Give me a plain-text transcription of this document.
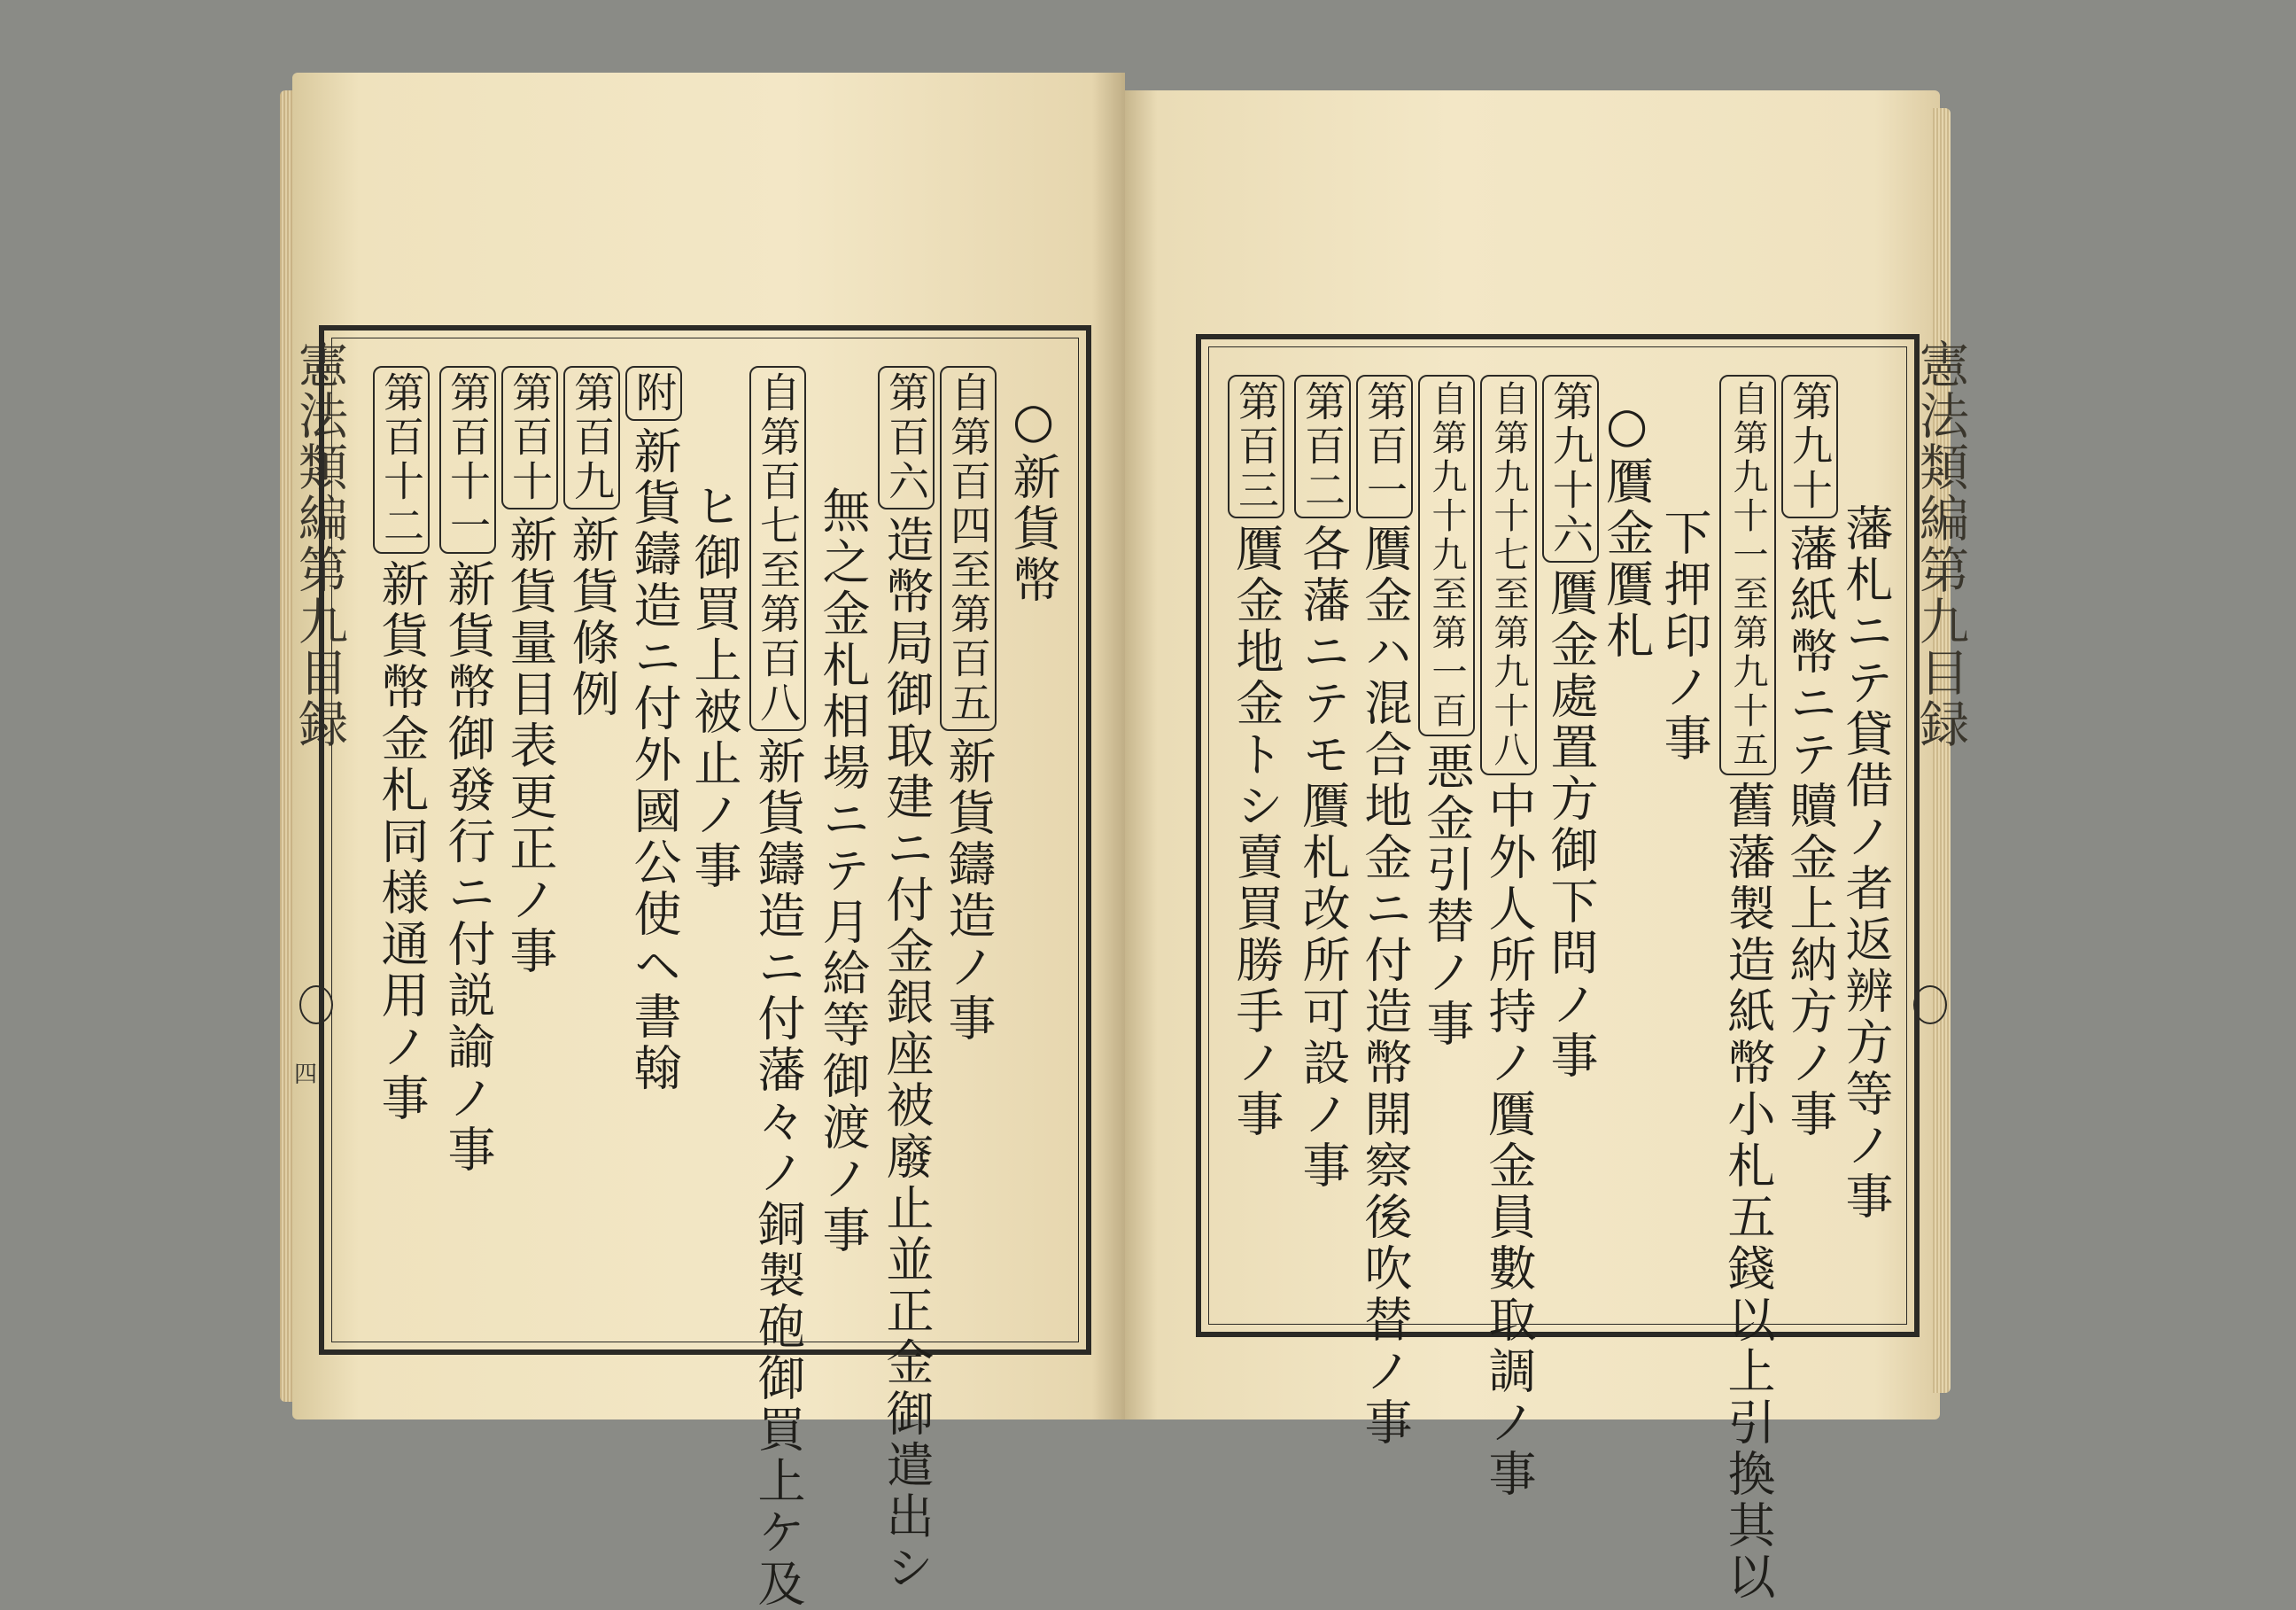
憲法類編第九目録	憲法類編第九目録
四
○新貨幣
自第百四至第百五新貨鑄造ノ事
第百六造幣局御取建ニ付金銀座被廢止並正金御遣出シ
無之金札相場ニテ月給等御渡ノ事
自第百七至第百八新貨鑄造ニ付藩々ノ銅製砲御買上ケ及
ヒ御買上被止ノ事
附新貨鑄造ニ付外國公使ヘ書翰
第百九新貨條例
第百十新貨量目表更正ノ事
第百十一新貨幣御發行ニ付説諭ノ事
第百十二新貨幣金札同様通用ノ事	藩札ニテ貸借ノ者返辨方等ノ事
第九十藩紙幣ニテ贖金上納方ノ事
自第九十一至第九十五舊藩製造紙幣小札五錢以上引換其以
下押印ノ事
○贋金贋札
第九十六贋金處置方御下問ノ事
自第九十七至第九十八中外人所持ノ贋金員數取調ノ事
自第九十九至第一百悪金引替ノ事
第百一贋金ハ混合地金ニ付造幣開察後吹替ノ事
第百二各藩ニテモ贋札改所可設ノ事
第百三贋金地金トシ賣買勝手ノ事
